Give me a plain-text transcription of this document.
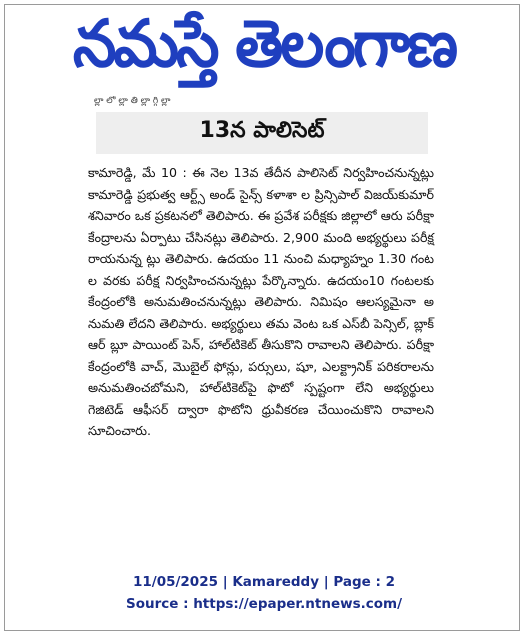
నమస్తే తెలంగాణ
ల్లా లో ల్లా తి ల్లా గ్గి ల్లా
13న పాలిసెట్

కామారెడ్డి, మే 10 : ఈ నెల 13వ తేదీన పాలిసెట్ నిర్వహించనున్నట్లు కామారెడ్డి ప్రభుత్వ ఆర్ట్స్ అండ్ సైన్స్ కళాశా ల ప్రిన్సిపాల్ విజయ్‌కుమార్ శనివారం ఒక ప్రకటనలో తెలిపారు. ఈ ప్రవేశ పరీక్షకు జిల్లాలో ఆరు పరీక్షా కేంద్రాలను ఏర్పాటు చేసినట్లు తెలిపారు. 2,900 మంది అభ్యర్థులు పరీక్ష రాయనున్న ట్లు తెలిపారు. ఉదయం 11 నుంచి మధ్యాహ్నం 1.30 గంటల వరకు పరీక్ష నిర్వహించనున్నట్లు పేర్కొన్నారు. ఉదయం10 గంటలకు కేంద్రంలోకి అనుమతించనున్నట్లు తెలిపారు. నిమిషం ఆలస్యమైనా అనుమతి లేదని తెలిపారు. అభ్యర్థులు తమ వెంట ఒక ఎస్‌బీ పెన్సిల్, బ్లాక్ ఆర్ బ్లూ పాయింట్ పెన్, హాల్‌టికెట్ తీసుకొని రావాలని తెలిపారు. పరీక్షా కేంద్రంలోకి వాచ్, మొబైల్ ఫోన్లు, పర్సులు, షూ, ఎలక్ట్రానిక్ పరికరాలను అనుమతించబోమని, హాల్‌టికెట్‌పై ఫొటో స్పష్టంగా లేని అభ్యర్థులు గెజిటెడ్ ఆఫీసర్ ద్వారా ఫొటోని ధ్రువీకరణ చేయించుకొని రావాలని సూచించారు.

11/05/2025 | Kamareddy | Page : 2
Source : https://epaper.ntnews.com/
